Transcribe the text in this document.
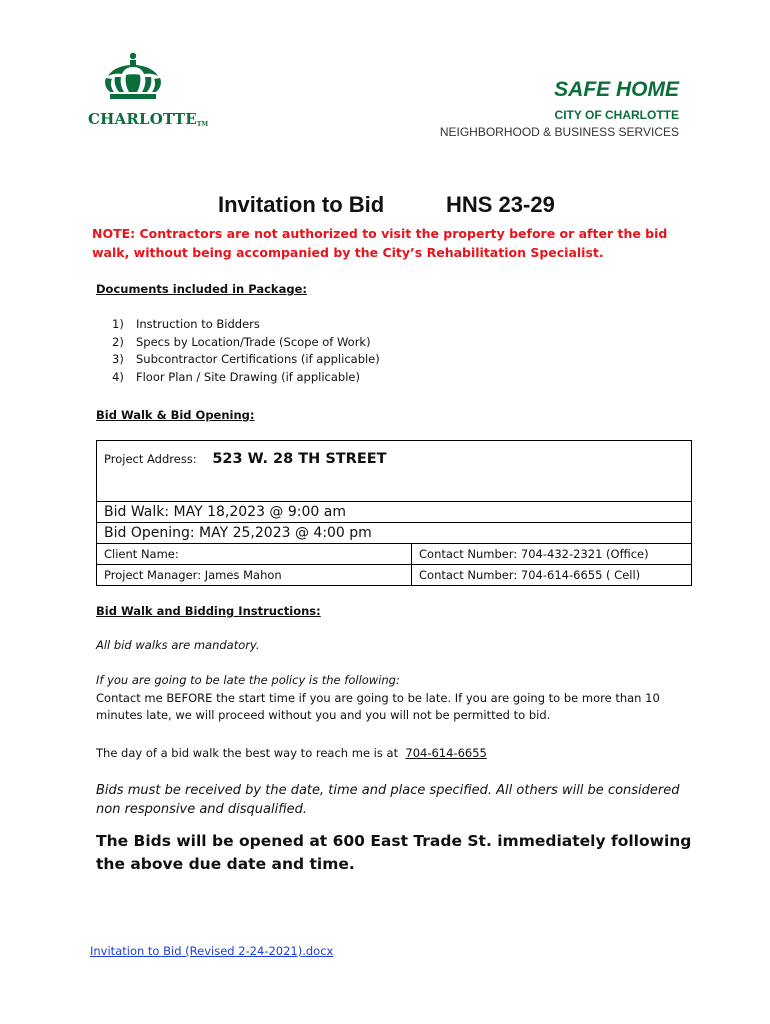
CHARLOTTETM
SAFE HOME
CITY OF CHARLOTTE
NEIGHBORHOOD & BUSINESS SERVICES
Invitation to Bid	HNS 23-29
NOTE: Contractors are not authorized to visit the property before or after the bid walk, without being accompanied by the City’s Rehabilitation Specialist.
Documents included in Package:
1) Instruction to Bidders
2) Specs by Location/Trade (Scope of Work)
3) Subcontractor Certifications (if applicable)
4) Floor Plan / Site Drawing (if applicable)
Bid Walk & Bid Opening:
Project Address: 523 W. 28 TH STREET	
Bid Walk: MAY 18,2023 @ 9:00 am	
Bid Opening: MAY 25,2023 @ 4:00 pm	
Client Name:	Contact Number: 704-432-2321 (Office)
Project Manager: James Mahon	Contact Number: 704-614-6655 ( Cell)
Bid Walk and Bidding Instructions:
All bid walks are mandatory.
If you are going to be late the policy is the following:
Contact me BEFORE the start time if you are going to be late. If you are going to be more than 10
minutes late, we will proceed without you and you will not be permitted to bid.
The day of a bid walk the best way to reach me is at 704-614-6655
Bids must be received by the date, time and place specified. All others will be considered non responsive and disqualified.
The Bids will be opened at 600 East Trade St. immediately following the above due date and time.
Invitation to Bid (Revised 2-24-2021).docx
